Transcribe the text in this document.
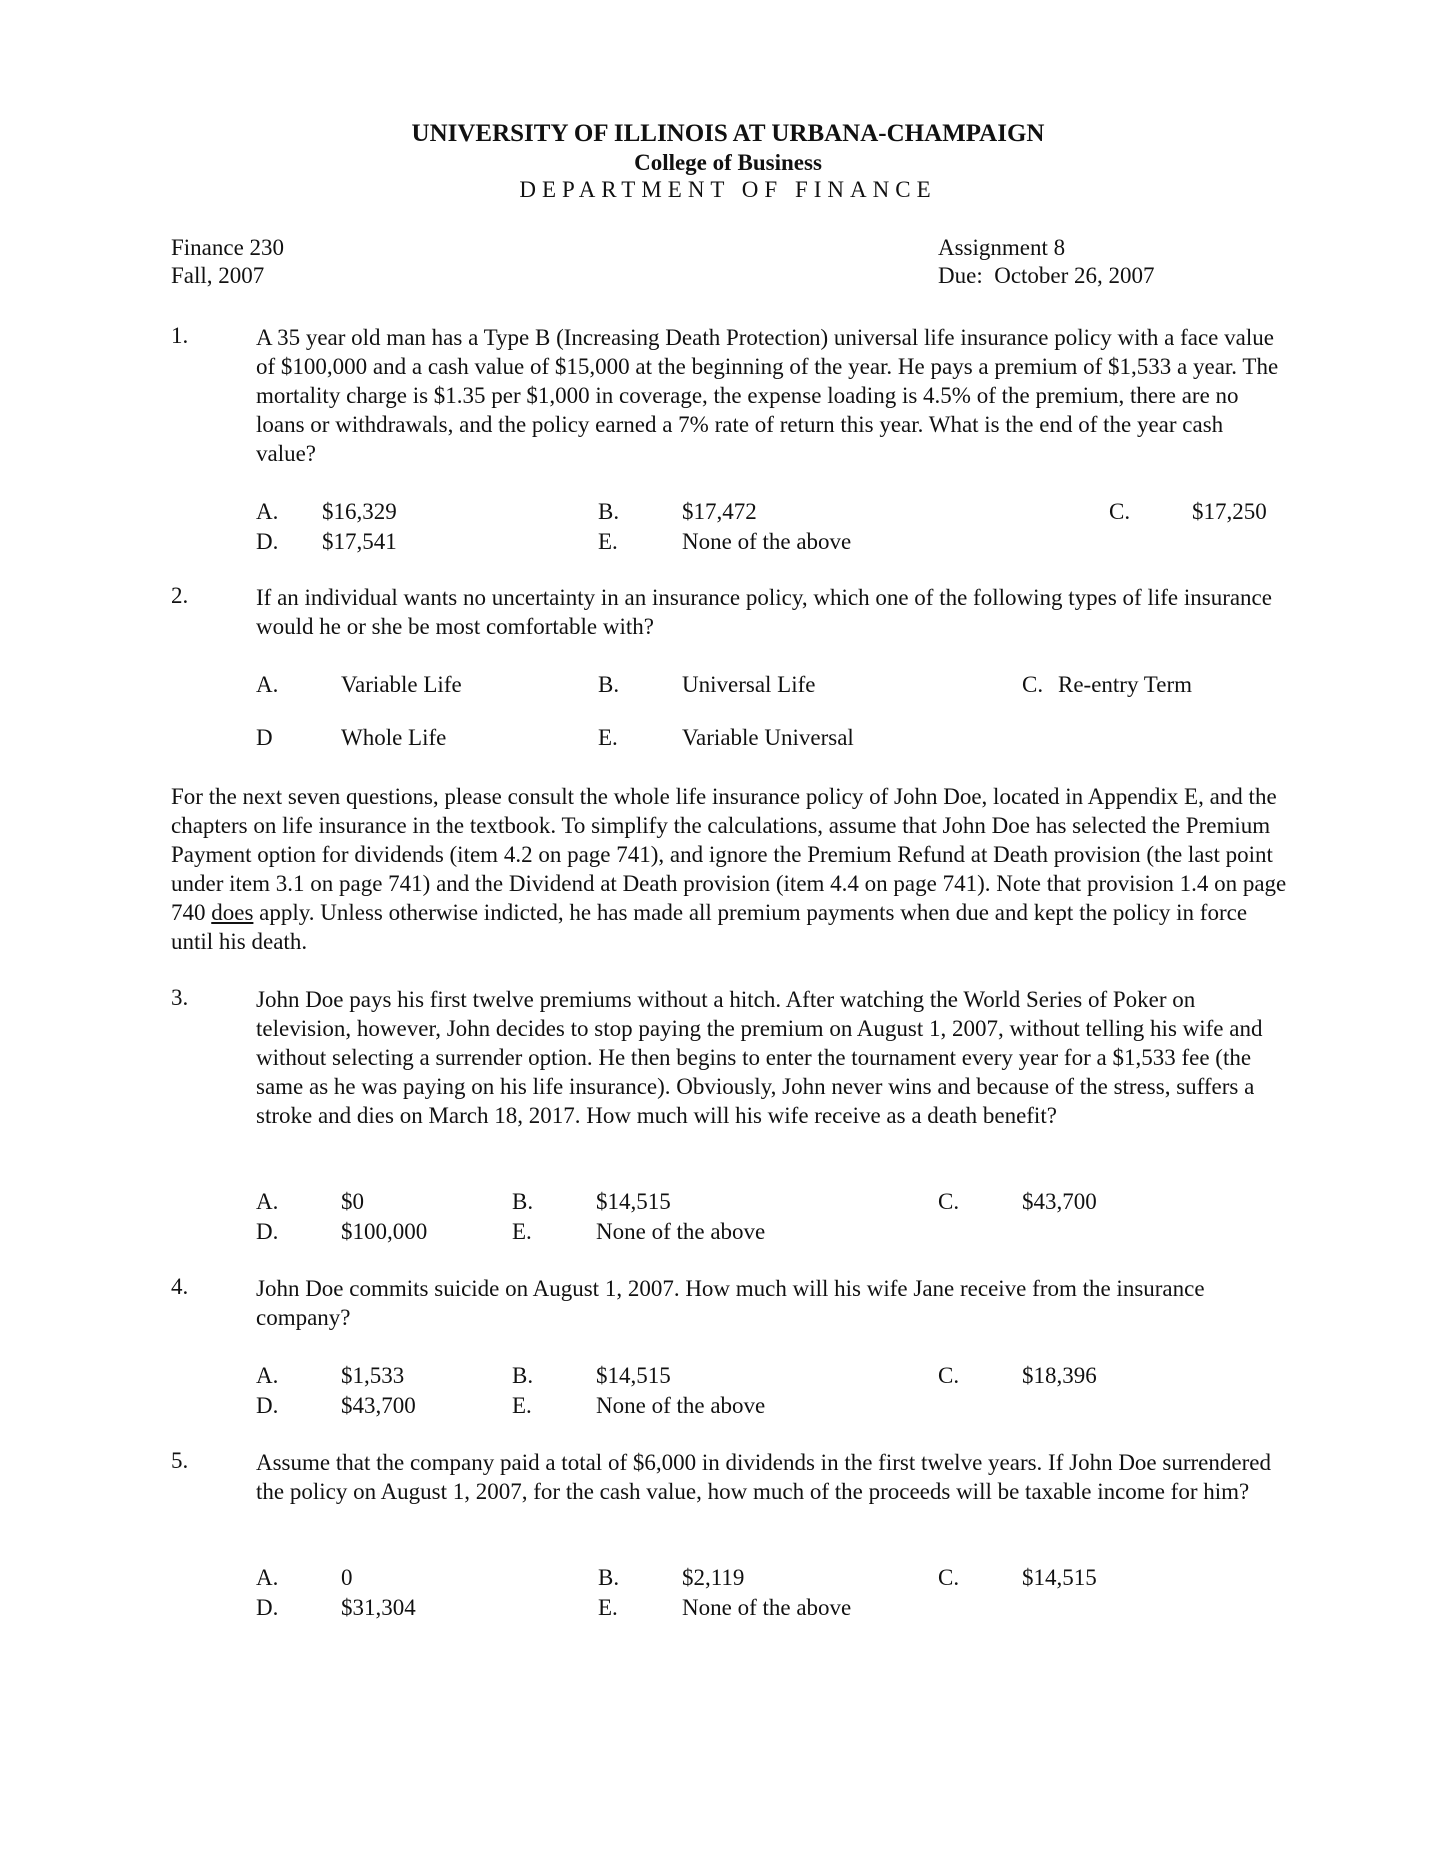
UNIVERSITY OF ILLINOIS AT URBANA-CHAMPAIGN
College of Business
DEPARTMENT OF FINANCE
Finance 230
Fall, 2007
Assignment 8
Due:  October 26, 2007
1.	A 35 year old man has a Type B (Increasing Death Protection) universal life insurance policy with a face value of $100,000 and a cash value of $15,000 at the beginning of the year. He pays a premium of $1,533 a year. The mortality charge is $1.35 per $1,000 in coverage, the expense loading is 4.5% of the premium, there are no loans or withdrawals, and the policy earned a 7% rate of return this year. What is the end of the year cash value?
A. $16,329	B.	$17,472	C.	$17,250
D. $17,541	E.	None of the above
2.	If an individual wants no uncertainty in an insurance policy, which one of the following types of life insurance would he or she be most comfortable with?
A.	Variable Life	B.	Universal Life	C. Re-entry Term
D	Whole Life	E.	Variable Universal
For the next seven questions, please consult the whole life insurance policy of John Doe, located in Appendix E, and the chapters on life insurance in the textbook. To simplify the calculations, assume that John Doe has selected the Premium Payment option for dividends (item 4.2 on page 741), and ignore the Premium Refund at Death provision (the last point under item 3.1 on page 741) and the Dividend at Death provision (item 4.4 on page 741). Note that provision 1.4 on page 740 does apply. Unless otherwise indicted, he has made all premium payments when due and kept the policy in force until his death.
3.	John Doe pays his first twelve premiums without a hitch. After watching the World Series of Poker on television, however, John decides to stop paying the premium on August 1, 2007, without telling his wife and without selecting a surrender option. He then begins to enter the tournament every year for a $1,533 fee (the same as he was paying on his life insurance). Obviously, John never wins and because of the stress, suffers a stroke and dies on March 18, 2017. How much will his wife receive as a death benefit?
A.	$0	B.	$14,515	C.	$43,700
D.	$100,000	E.	None of the above
4.	John Doe commits suicide on August 1, 2007. How much will his wife Jane receive from the insurance company?
A.	$1,533	B.	$14,515	C.	$18,396
D.	$43,700	E.	None of the above
5.	Assume that the company paid a total of $6,000 in dividends in the first twelve years. If John Doe surrendered the policy on August 1, 2007, for the cash value, how much of the proceeds will be taxable income for him?
A.	0	B.	$2,119	C.	$14,515
D.	$31,304	E.	None of the above
